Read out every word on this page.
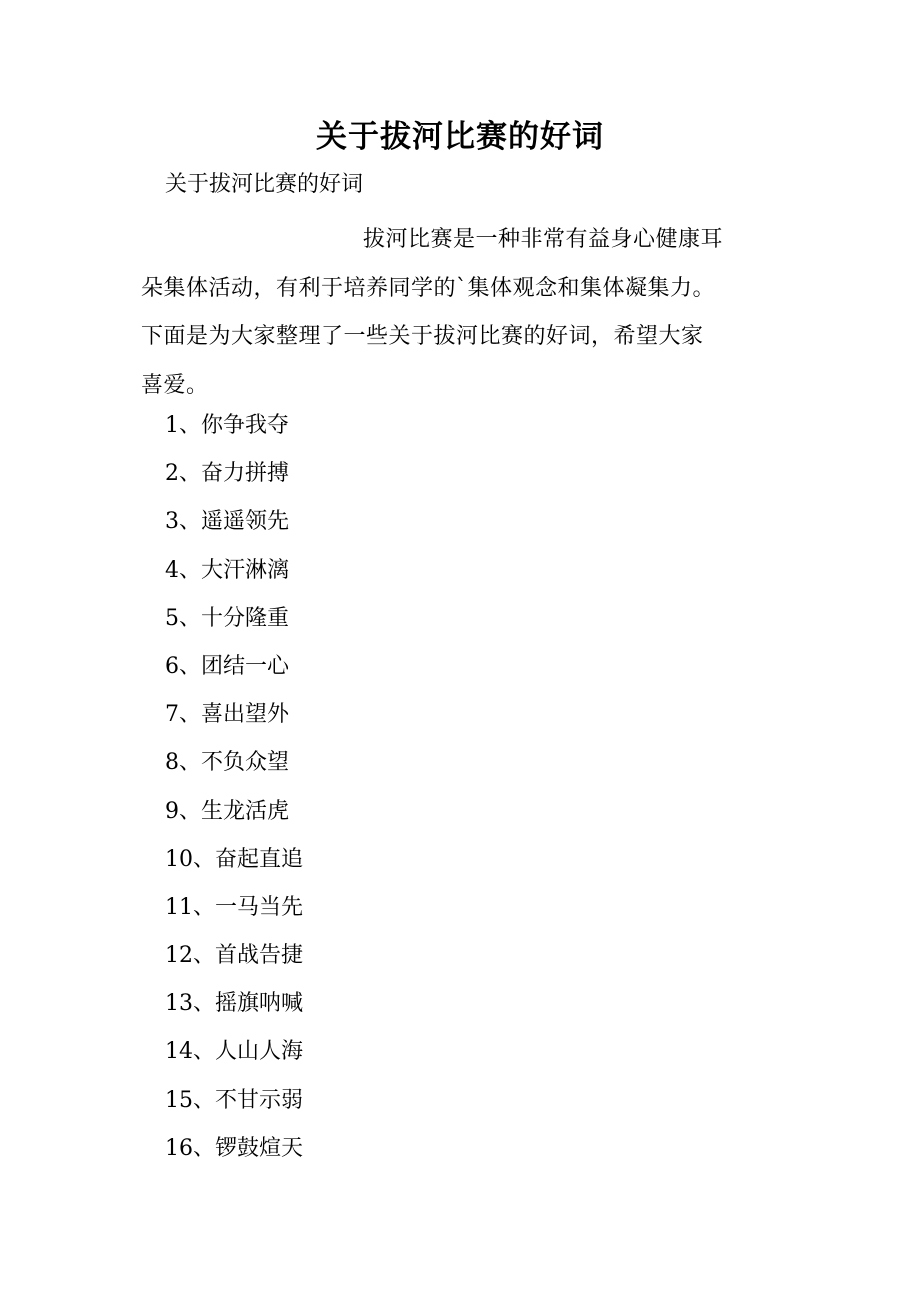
关于拔河比赛的好词
关于拔河比赛的好词
拔河比赛是一种非常有益身心健康耳
朵集体活动，有利于培养同学的`集体观念和集体凝集力。
下面是为大家整理了一些关于拔河比赛的好词，希望大家
喜爱。
1、你争我夺
2、奋力拼搏
3、遥遥领先
4、大汗淋漓
5、十分隆重
6、团结一心
7、喜出望外
8、不负众望
9、生龙活虎
10、奋起直追
11、一马当先
12、首战告捷
13、摇旗呐喊
14、人山人海
15、不甘示弱
16、锣鼓煊天
